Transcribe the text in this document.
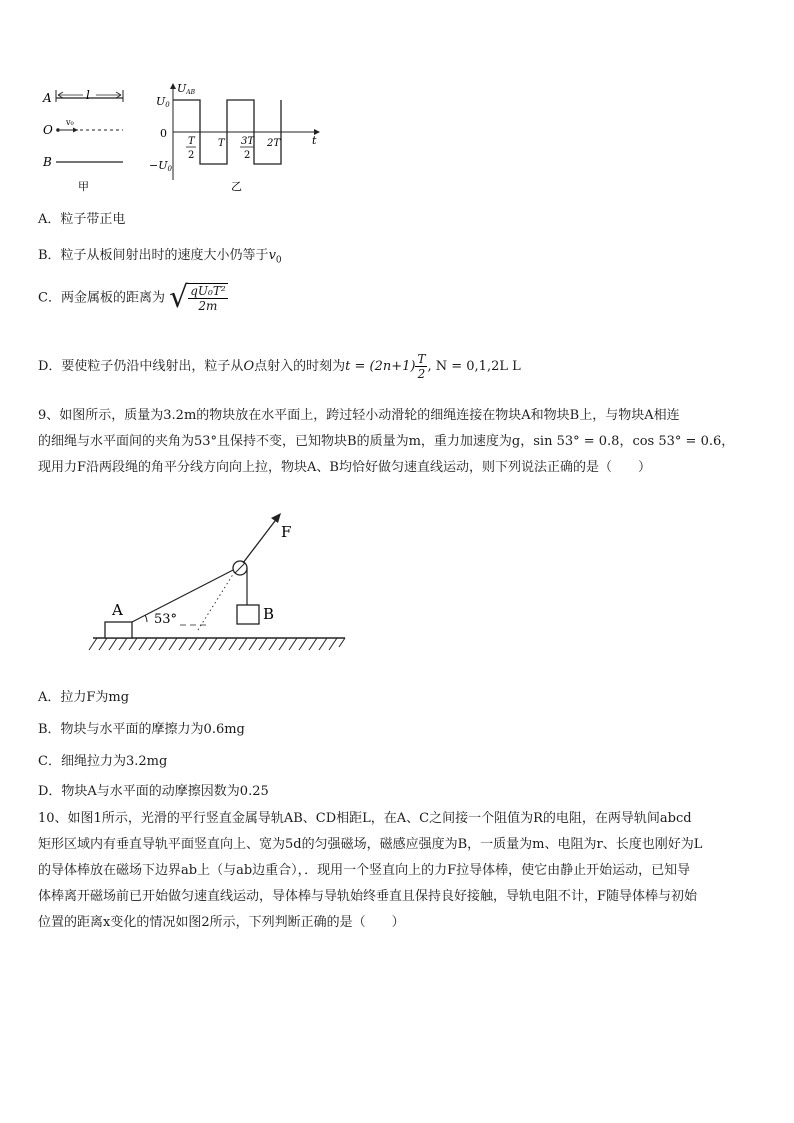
A	l
O
v₀
B
甲
UAB
t
U0
0
−U0
T
2
T 3T
2
2T
乙
A．粒子带正电
B．粒子从板间射出时的速度大小仍等于$v_0$
C．两金属板的距离为 √ $\frac{\text{qU₀T²}}{2m}$
D．要使粒子仍沿中线射出，粒子从O点射入的时刻为$t = (2n+1) \frac{T}{2}$ , N = 0,1,2L L
9、如图所示，质量为3.2m的物块放在水平面上，跨过轻小动滑轮的细绳连接在物块A和物块B上，与物块A相连
的细绳与水平面间的夹角为53°且保持不变，已知物块B的质量为m，重力加速度为g，sin 53° = 0.8，cos 53° = 0.6，
现用力F沿两段绳的角平分线方向向上拉，物块A、B均恰好做匀速直线运动，则下列说法正确的是（　　）
A
53°	B
F
A．拉力F为mg
B．物块与水平面的摩擦力为0.6mg
C．细绳拉力为3.2mg
D．物块A与水平面的动摩擦因数为0.25
10、如图1所示，光滑的平行竖直金属导轨AB、CD相距L，在A、C之间接一个阻值为R的电阻，在两导轨间abcd
矩形区域内有垂直导轨平面竖直向上、宽为5d的匀强磁场，磁感应强度为B，一质量为m、电阻为r、长度也刚好为L
的导体棒放在磁场下边界ab上（与ab边重合），．现用一个竖直向上的力F拉导体棒，使它由静止开始运动，已知导
体棒离开磁场前已开始做匀速直线运动，导体棒与导轨始终垂直且保持良好接触，导轨电阻不计，F随导体棒与初始
位置的距离x变化的情况如图2所示，下列判断正确的是（　　）
